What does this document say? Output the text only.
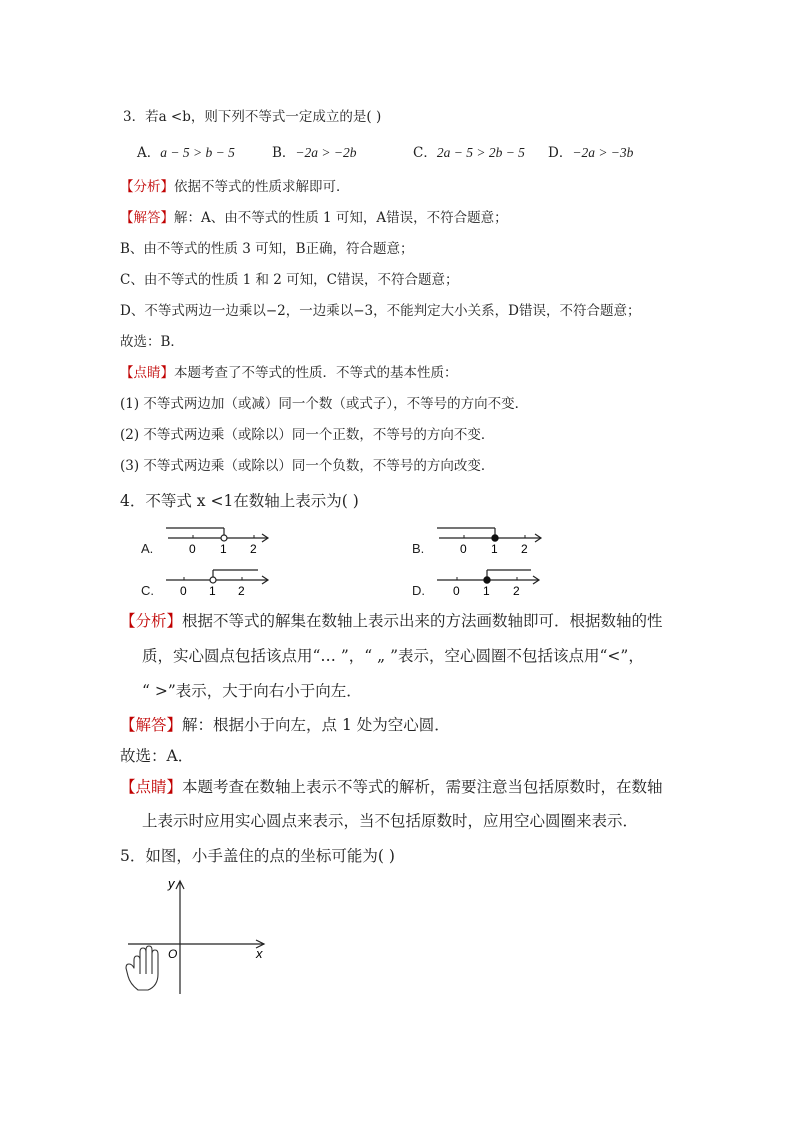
3．若a <b，则下列不等式一定成立的是( )
A．a − 5 > b − 5	B．−2a > −2b	C．2a − 5 > 2b − 5 D．−2a > −3b
【分析】依据不等式的性质求解即可．
【解答】解：A、由不等式的性质 1 可知，A错误，不符合题意；
B、由不等式的性质 3 可知，B正确，符合题意；
C、由不等式的性质 1 和 2 可知，C错误，不符合题意；
D、不等式两边一边乘以−2，一边乘以−3，不能判定大小关系，D错误，不符合题意；
故选：B．
【点睛】本题考查了不等式的性质．不等式的基本性质：
(1) 不等式两边加（或减）同一个数（或式子），不等号的方向不变．
(2) 不等式两边乘（或除以）同一个正数，不等号的方向不变．
(3) 不等式两边乘（或除以）同一个负数，不等号的方向改变．
4．不等式 x <1在数轴上表示为( )
A.	0 1 2	B.	0 1 2
C. 0 1 2	D. 0 1 2
【分析】根据不等式的解集在数轴上表示出来的方法画数轴即可．根据数轴的性
质，实心圆点包括该点用“… ”，“ „ ”表示，空心圆圈不包括该点用“<”，
“ >”表示，大于向右小于向左．
【解答】解：根据小于向左，点 1 处为空心圆．
故选：A．
【点睛】本题考查在数轴上表示不等式的解析，需要注意当包括原数时，在数轴
上表示时应用实心圆点来表示，当不包括原数时，应用空心圆圈来表示．
5．如图，小手盖住的点的坐标可能为( )
y
x
O
